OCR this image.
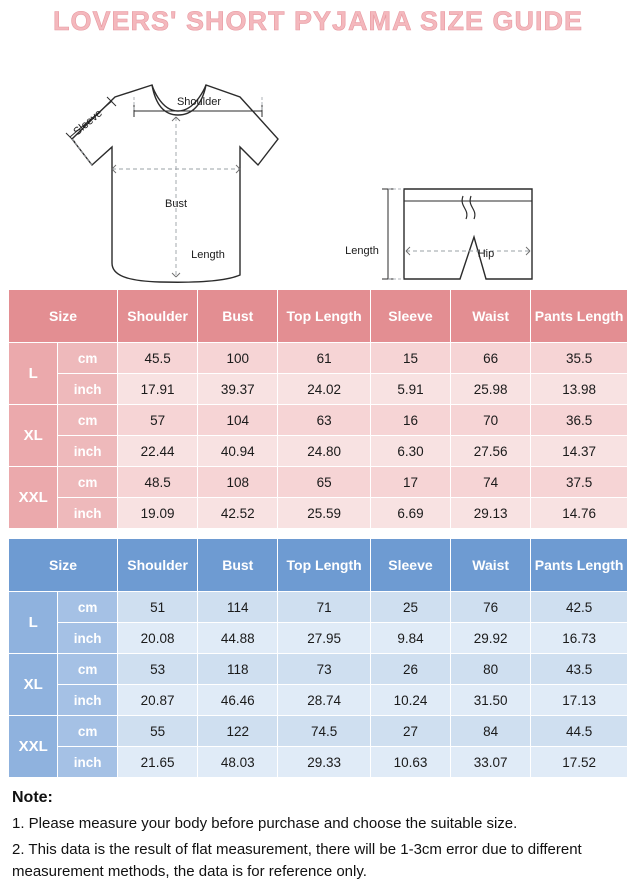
LOVERS' SHORT PYJAMA SIZE GUIDE
Shoulder
Sleeve
Bust
Length	Hip
Length
Size		Shoulder	Bust	Top Length	Sleeve	Waist	Pants Length
L	cm	45.5	100	61	15	66	35.5
	inch	17.91	39.37	24.02	5.91	25.98	13.98
XL	cm	57	104	63	16	70	36.5
	inch	22.44	40.94	24.80	6.30	27.56	14.37
XXL	cm	48.5	108	65	17	74	37.5
	inch	19.09	42.52	25.59	6.69	29.13	14.76
Size		Shoulder	Bust	Top Length	Sleeve	Waist	Pants Length
L	cm	51	114	71	25	76	42.5
	inch	20.08	44.88	27.95	9.84	29.92	16.73
XL	cm	53	118	73	26	80	43.5
	inch	20.87	46.46	28.74	10.24	31.50	17.13
XXL	cm	55	122	74.5	27	84	44.5
	inch	21.65	48.03	29.33	10.63	33.07	17.52
Note:

1. Please measure your body before purchase and choose the suitable size.

2. This data is the result of flat measurement, there will be 1-3cm error due to different measurement methods, the data is for reference only.
